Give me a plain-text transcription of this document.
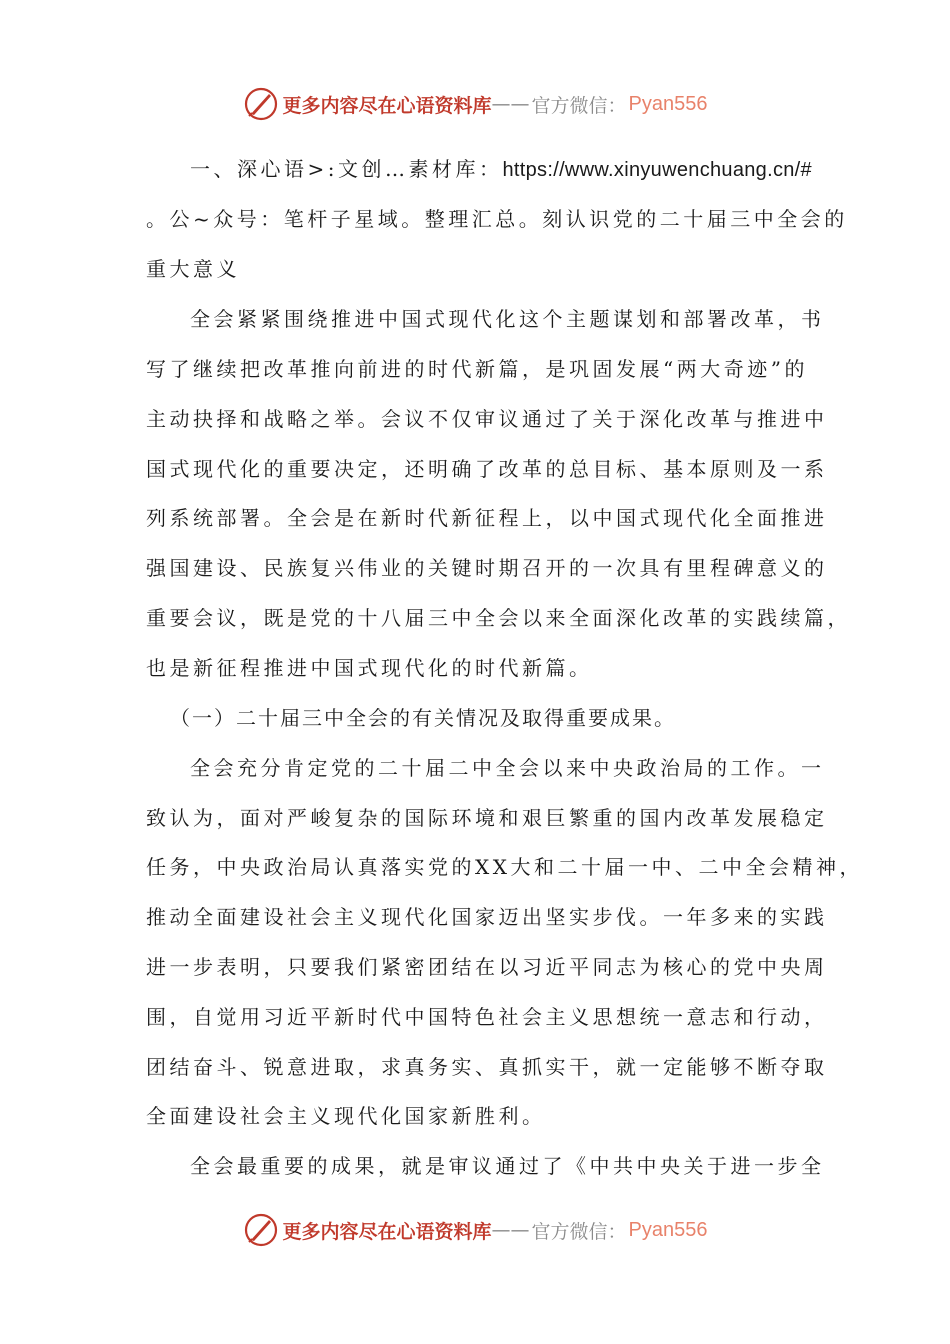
更多内容尽在心语资料库 —— 官方微信： Pyan556
一、深心语>:文创…素材库：https://www.xinyuwenchuang.cn/#
。公~众号：笔杆子星域。整理汇总。刻认识党的二十届三中全会的
重大意义
全会紧紧围绕推进中国式现代化这个主题谋划和部署改革，书
写了继续把改革推向前进的时代新篇，是巩固发展“两大奇迹”的
主动抉择和战略之举。会议不仅审议通过了关于深化改革与推进中
国式现代化的重要决定，还明确了改革的总目标、基本原则及一系
列系统部署。全会是在新时代新征程上，以中国式现代化全面推进
强国建设、民族复兴伟业的关键时期召开的一次具有里程碑意义的
重要会议，既是党的十八届三中全会以来全面深化改革的实践续篇，
也是新征程推进中国式现代化的时代新篇。
（一）二十届三中全会的有关情况及取得重要成果。
全会充分肯定党的二十届二中全会以来中央政治局的工作。一
致认为，面对严峻复杂的国际环境和艰巨繁重的国内改革发展稳定
任务，中央政治局认真落实党的XX大和二十届一中、二中全会精神，
推动全面建设社会主义现代化国家迈出坚实步伐。一年多来的实践
进一步表明，只要我们紧密团结在以习近平同志为核心的党中央周
围，自觉用习近平新时代中国特色社会主义思想统一意志和行动，
团结奋斗、锐意进取，求真务实、真抓实干，就一定能够不断夺取
全面建设社会主义现代化国家新胜利。
全会最重要的成果，就是审议通过了《中共中央关于进一步全
更多内容尽在心语资料库 —— 官方微信： Pyan556
